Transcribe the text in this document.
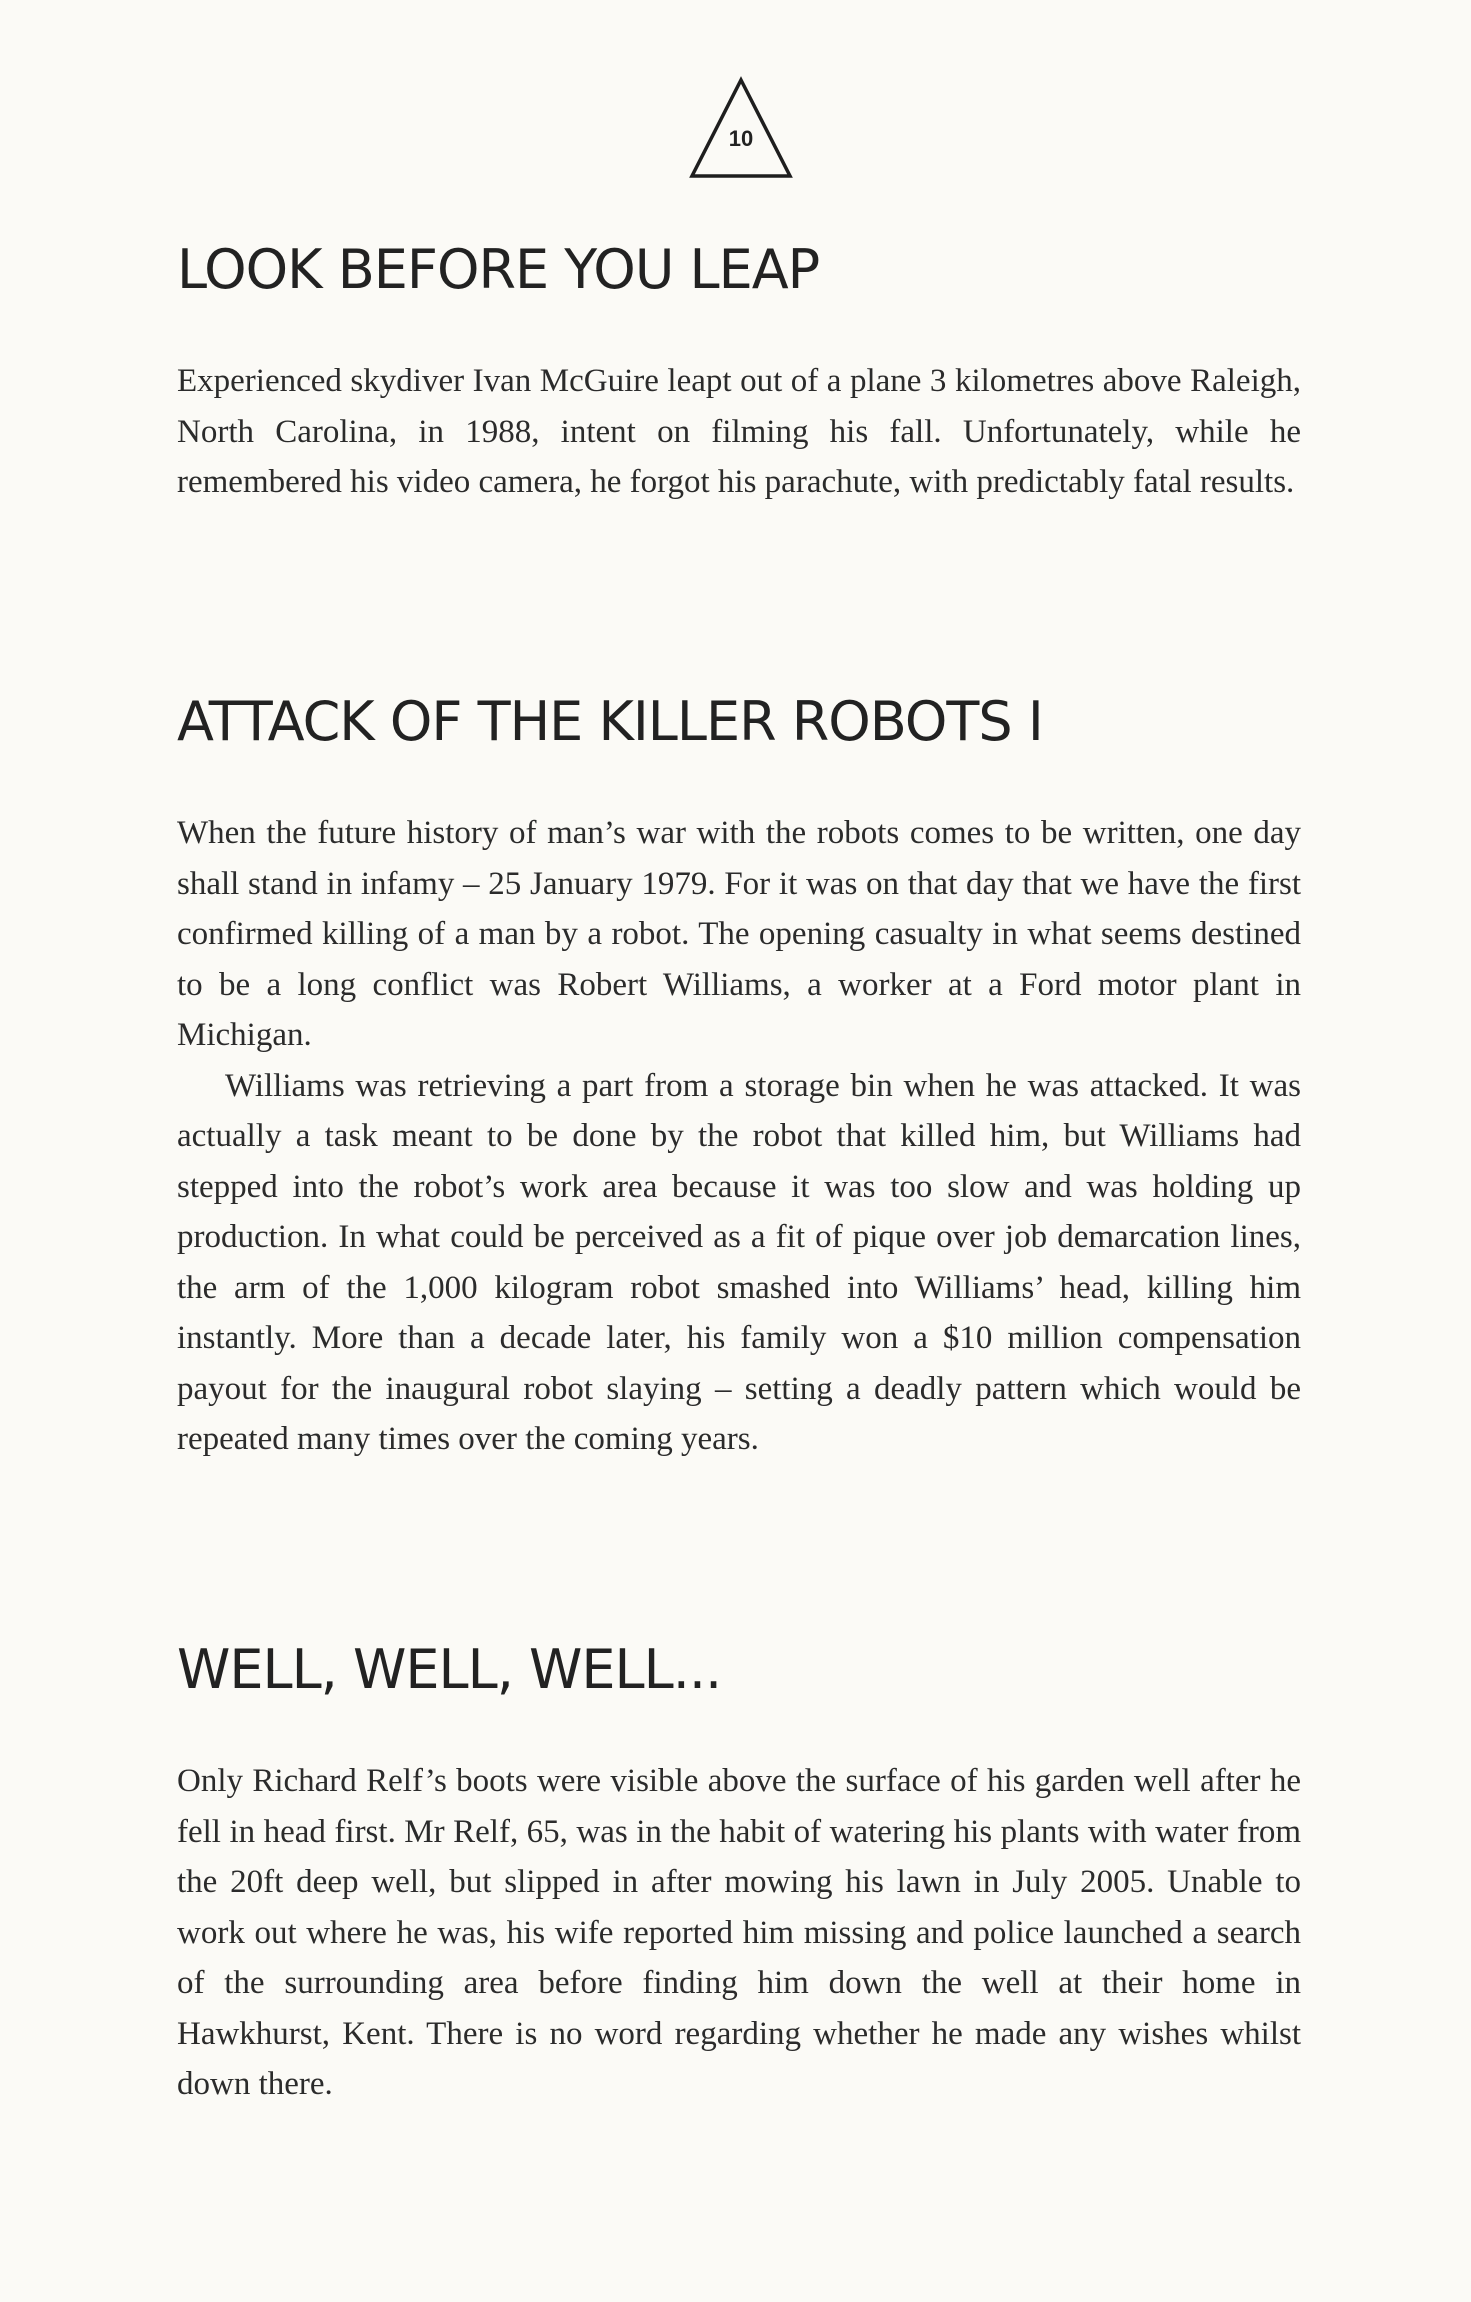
10
LOOK BEFORE YOU LEAP

Experienced skydiver Ivan McGuire leapt out of a plane 3 kilometres above Raleigh, North Carolina, in 1988, intent on filming his fall. Unfortunately, while he remembered his video camera, he forgot his parachute, with predictably fatal results.

ATTACK OF THE KILLER ROBOTS I

When the future history of man’s war with the robots comes to be written, one day shall stand in infamy – 25 January 1979. For it was on that day that we have the first confirmed killing of a man by a robot. The opening casualty in what seems destined to be a long conflict was Robert Williams, a worker at a Ford motor plant in Michigan.

Williams was retrieving a part from a storage bin when he was attacked. It was actually a task meant to be done by the robot that killed him, but Williams had stepped into the robot’s work area because it was too slow and was holding up production. In what could be perceived as a fit of pique over job demarcation lines, the arm of the 1,000 kilogram robot smashed into Williams’ head, killing him instantly. More than a decade later, his family won a $10 million compensation payout for the inaugural robot slaying – setting a deadly pattern which would be repeated many times over the coming years.

WELL, WELL, WELL...

Only Richard Relf’s boots were visible above the surface of his garden well after he fell in head first. Mr Relf, 65, was in the habit of watering his plants with water from the 20ft deep well, but slipped in after mowing his lawn in July 2005. Unable to work out where he was, his wife reported him missing and police launched a search of the surrounding area before finding him down the well at their home in Hawkhurst, Kent. There is no word regarding whether he made any wishes whilst down there.
